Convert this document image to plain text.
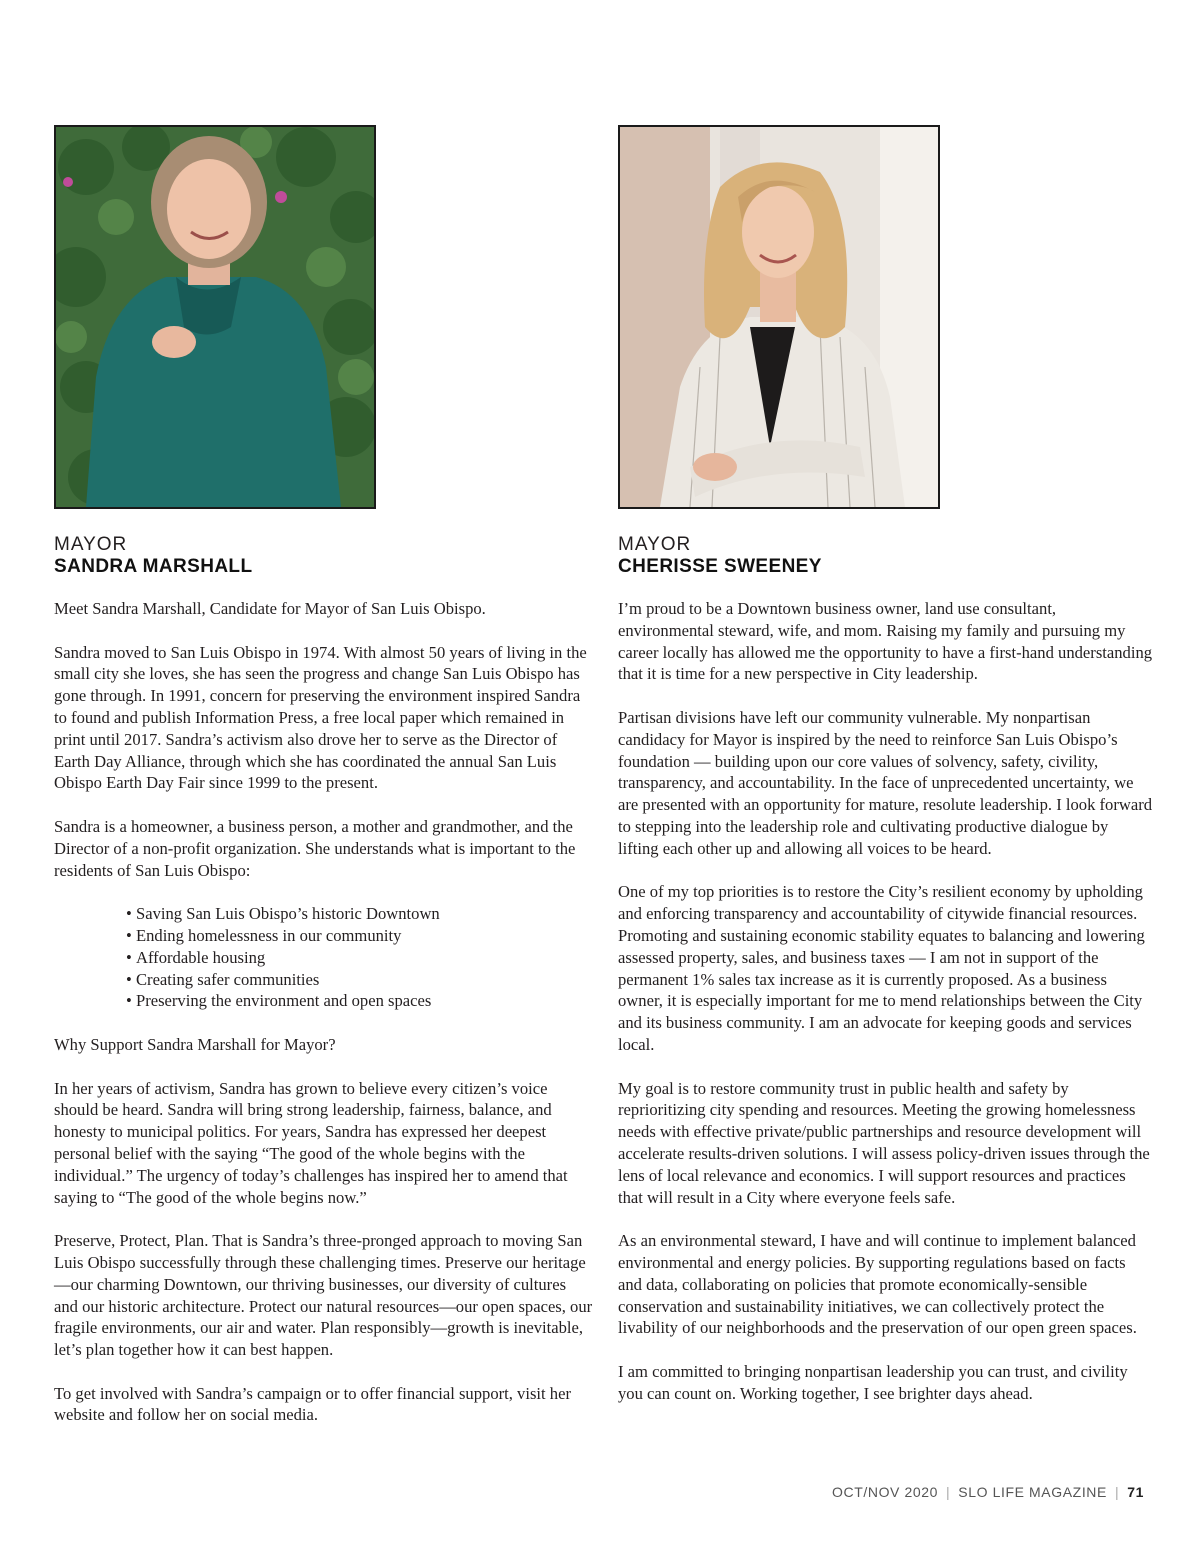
MAYOR
SANDRA MARSHALL

Meet Sandra Marshall, Candidate for Mayor of San Luis Obispo.

Sandra moved to San Luis Obispo in 1974. With almost 50 years of living in the small city she loves, she has seen the progress and change San Luis Obispo has gone through. In 1991, concern for preserving the environment inspired Sandra to found and publish Information Press, a free local paper which remained in print until 2017. Sandra’s activism also drove her to serve as the Director of Earth Day Alliance, through which she has coordinated the annual San Luis Obispo Earth Day Fair since 1999 to the present.

Sandra is a homeowner, a business person, a mother and grandmother, and the Director of a non-profit organization. She understands what is important to the residents of San Luis Obispo:

• Saving San Luis Obispo’s historic Downtown
• Ending homelessness in our community
• Affordable housing
• Creating safer communities
• Preserving the environment and open spaces

Why Support Sandra Marshall for Mayor?

In her years of activism, Sandra has grown to believe every citizen’s voice should be heard. Sandra will bring strong leadership, fairness, balance, and honesty to municipal politics. For years, Sandra has expressed her deepest personal belief with the saying “The good of the whole begins with the individual.” The urgency of today’s challenges has inspired her to amend that saying to “The good of the whole begins now.”

Preserve, Protect, Plan. That is Sandra’s three-pronged approach to moving San Luis Obispo successfully through these challenging times. Preserve our heritage—our charming Downtown, our thriving businesses, our diversity of cultures and our historic architecture. Protect our natural resources—our open spaces, our fragile environments, our air and water. Plan responsibly—growth is inevitable, let’s plan together how it can best happen.

To get involved with Sandra’s campaign or to offer financial support, visit her website and follow her on social media.

MAYOR
CHERISSE SWEENEY

I’m proud to be a Downtown business owner, land use consultant, environmental steward, wife, and mom. Raising my family and pursuing my career locally has allowed me the opportunity to have a first-hand understanding that it is time for a new perspective in City leadership.

Partisan divisions have left our community vulnerable. My nonpartisan candidacy for Mayor is inspired by the need to reinforce San Luis Obispo’s foundation — building upon our core values of solvency, safety, civility, transparency, and accountability. In the face of unprecedented uncertainty, we are presented with an opportunity for mature, resolute leadership. I look forward to stepping into the leadership role and cultivating productive dialogue by lifting each other up and allowing all voices to be heard.

One of my top priorities is to restore the City’s resilient economy by upholding and enforcing transparency and accountability of citywide financial resources. Promoting and sustaining economic stability equates to balancing and lowering assessed property, sales, and business taxes — I am not in support of the permanent 1% sales tax increase as it is currently proposed. As a business owner, it is especially important for me to mend relationships between the City and its business community. I am an advocate for keeping goods and services local.

My goal is to restore community trust in public health and safety by reprioritizing city spending and resources. Meeting the growing homelessness needs with effective private/public partnerships and resource development will accelerate results-driven solutions. I will assess policy-driven issues through the lens of local relevance and economics. I will support resources and practices that will result in a City where everyone feels safe.

As an environmental steward, I have and will continue to implement balanced environmental and energy policies. By supporting regulations based on facts and data, collaborating on policies that promote economically-sensible conservation and sustainability initiatives, we can collectively protect the livability of our neighborhoods and the preservation of our open green spaces.

I am committed to bringing nonpartisan leadership you can trust, and civility you can count on. Working together, I see brighter days ahead.

OCT/NOV 2020 | SLO LIFE MAGAZINE | 71
